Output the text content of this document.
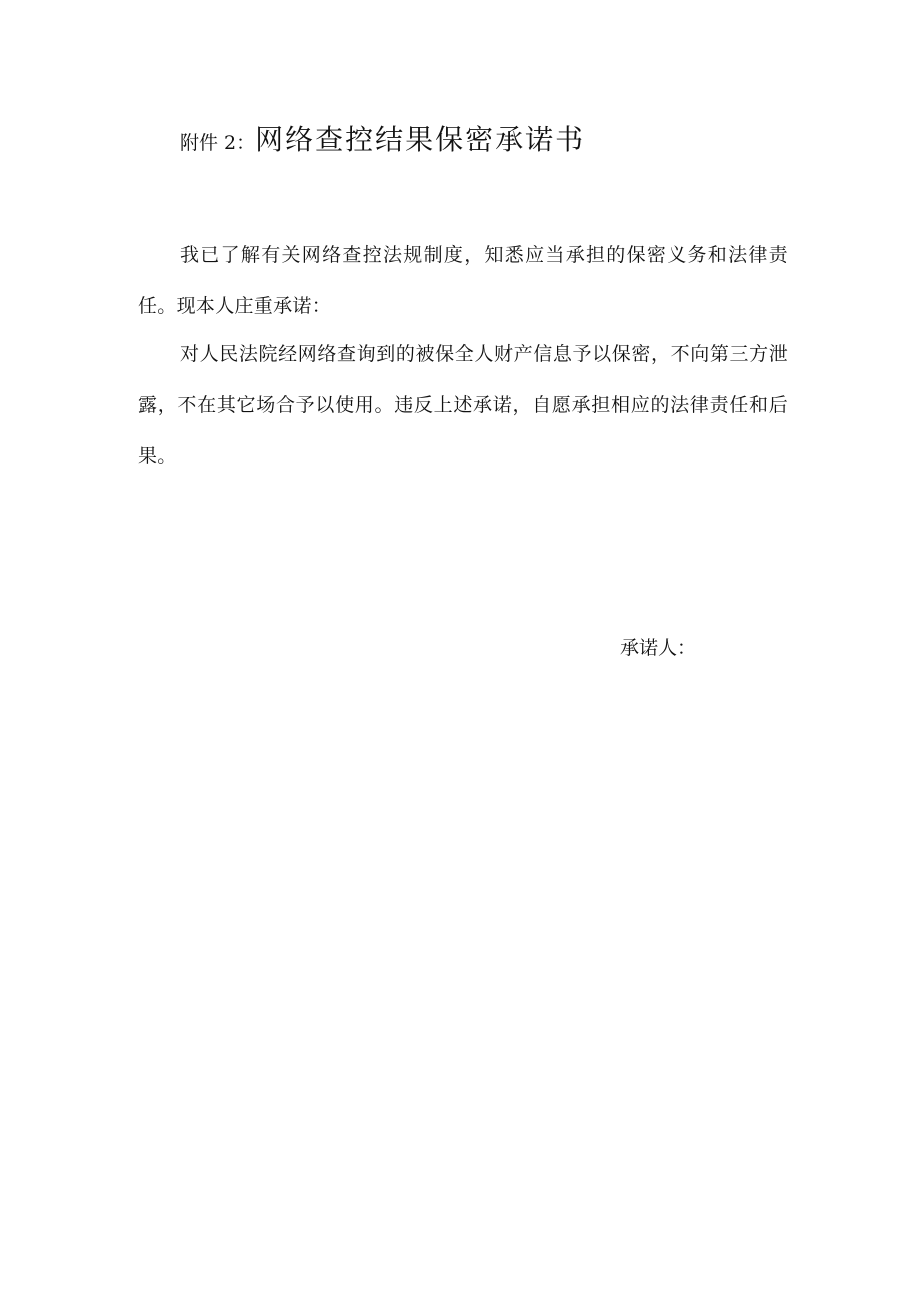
附件 2：网络查控结果保密承诺书

我已了解有关网络查控法规制度，知悉应当承担的保密义务和法律责任。现本人庄重承诺：

对人民法院经网络查询到的被保全人财产信息予以保密，不向第三方泄露，不在其它场合予以使用。违反上述承诺，自愿承担相应的法律责任和后果。

承诺人：
